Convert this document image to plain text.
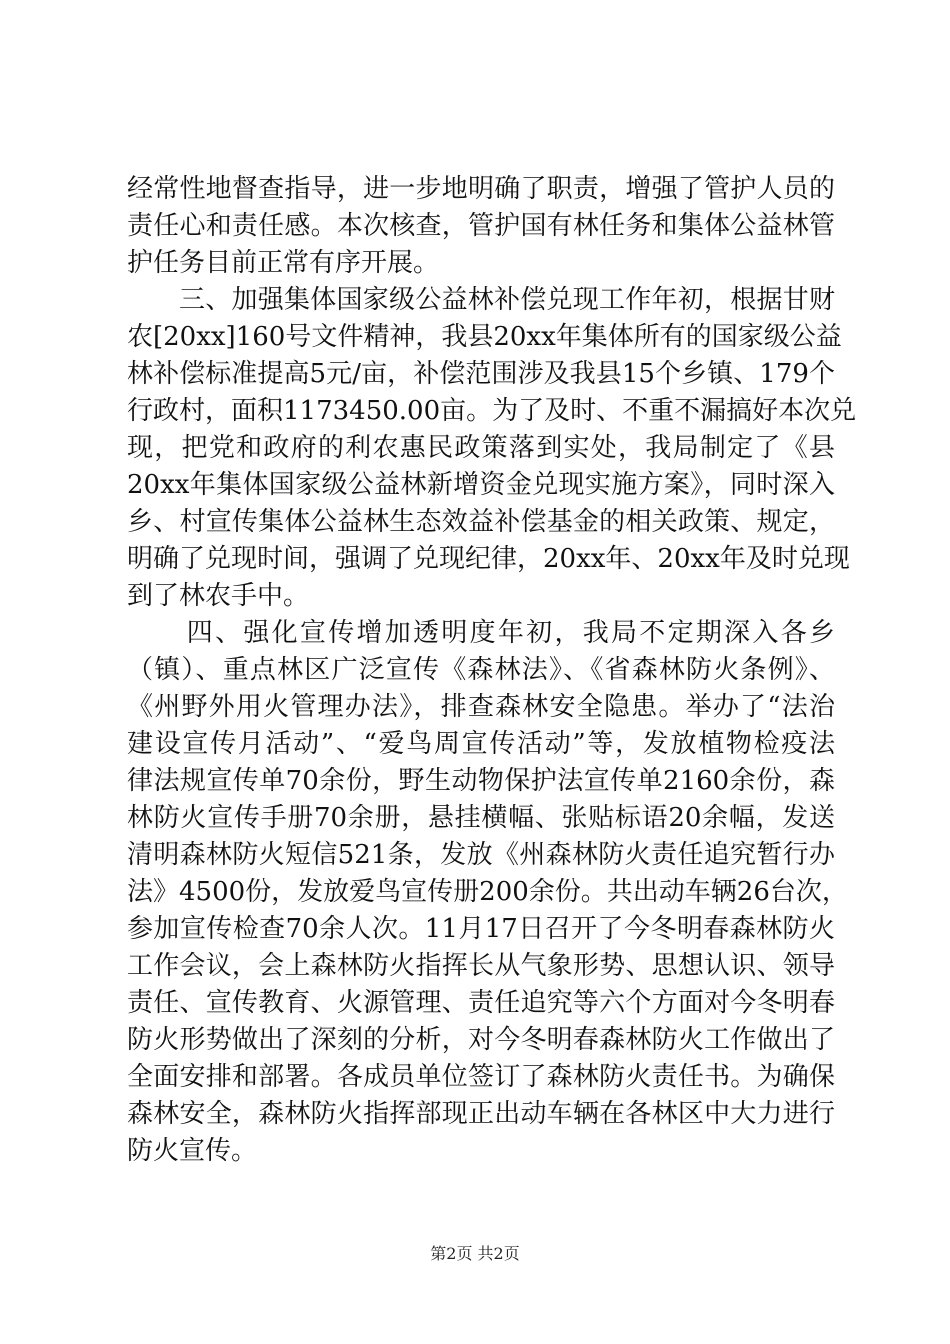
经常性地督查指导，进一步地明确了职责，增强了管护人员的
责任心和责任感。本次核查，管护国有林任务和集体公益林管
护任务目前正常有序开展。
三、加强集体国家级公益林补偿兑现工作年初，根据甘财
农[20xx]160号文件精神，我县20xx年集体所有的国家级公益
林补偿标准提高5元/亩，补偿范围涉及我县15个乡镇、179个
行政村，面积1173450.00亩。为了及时、不重不漏搞好本次兑
现，把党和政府的利农惠民政策落到实处，我局制定了《县
20xx年集体国家级公益林新增资金兑现实施方案》，同时深入
乡、村宣传集体公益林生态效益补偿基金的相关政策、规定，
明确了兑现时间，强调了兑现纪律，20xx年、20xx年及时兑现
到了林农手中。
四、强化宣传增加透明度年初，我局不定期深入各乡
（镇）、重点林区广泛宣传《森林法》、《省森林防火条例》、
《州野外用火管理办法》，排查森林安全隐患。举办了“法治
建设宣传月活动”、“爱鸟周宣传活动”等，发放植物检疫法
律法规宣传单70余份，野生动物保护法宣传单2160余份，森
林防火宣传手册70余册，悬挂横幅、张贴标语20余幅，发送
清明森林防火短信521条，发放《州森林防火责任追究暂行办
法》4500份，发放爱鸟宣传册200余份。共出动车辆26台次，
参加宣传检查70余人次。11月17日召开了今冬明春森林防火
工作会议，会上森林防火指挥长从气象形势、思想认识、领导
责任、宣传教育、火源管理、责任追究等六个方面对今冬明春
防火形势做出了深刻的分析，对今冬明春森林防火工作做出了
全面安排和部署。各成员单位签订了森林防火责任书。为确保
森林安全，森林防火指挥部现正出动车辆在各林区中大力进行
防火宣传。
第2页 共2页
